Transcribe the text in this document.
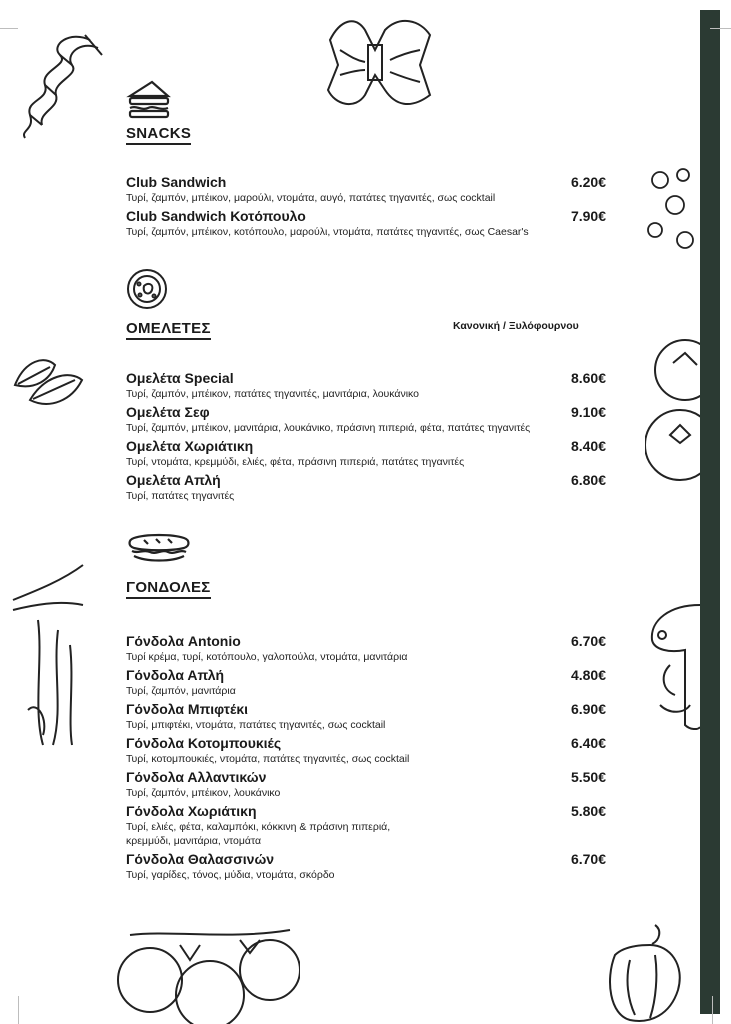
SNACKS
Club Sandwich	6.20€
Τυρί, ζαμπόν, μπέικον, μαρούλι, ντομάτα, αυγό, πατάτες τηγανιτές, σως cocktail
Club Sandwich Κοτόπουλο	7.90€
Τυρί, ζαμπόν, μπέικον, κοτόπουλο, μαρούλι, ντομάτα, πατάτες τηγανιτές, σως Caesar's
ΟΜΕΛΕΤΕΣ	Κανονική / Ξυλόφουρνου
Ομελέτα Special	8.60€
Τυρί, ζαμπόν, μπέικον, πατάτες τηγανιτές, μανιτάρια, λουκάνικο
Ομελέτα Σεφ	9.10€
Τυρί, ζαμπόν, μπέικον, μανιτάρια, λουκάνικο, πράσινη πιπεριά, φέτα, πατάτες τηγανιτές
Ομελέτα Χωριάτικη	8.40€
Τυρί, ντομάτα, κρεμμύδι, ελιές, φέτα, πράσινη πιπεριά, πατάτες τηγανιτές
Ομελέτα Απλή	6.80€
Τυρί, πατάτες τηγανιτές
ΓΟΝΔΟΛΕΣ
Γόνδολα Antonio	6.70€
Τυρί κρέμα, τυρί, κοτόπουλο, γαλοπούλα, ντομάτα, μανιτάρια
Γόνδολα Απλή	4.80€
Τυρί, ζαμπόν, μανιτάρια
Γόνδολα Μπιφτέκι	6.90€
Τυρί, μπιφτέκι, ντομάτα, πατάτες τηγανιτές, σως cocktail
Γόνδολα Κοτομπουκιές	6.40€
Τυρί, κοτομπουκιές, ντομάτα, πατάτες τηγανιτές, σως cocktail
Γόνδολα Αλλαντικών	5.50€
Τυρί, ζαμπόν, μπέικον, λουκάνικο
Γόνδολα Χωριάτικη	5.80€
Τυρί, ελιές, φέτα, καλαμπόκι, κόκκινη & πράσινη πιπεριά,
κρεμμύδι, μανιτάρια, ντομάτα
Γόνδολα Θαλασσινών	6.70€
Τυρί, γαρίδες, τόνος, μύδια, ντομάτα, σκόρδο
